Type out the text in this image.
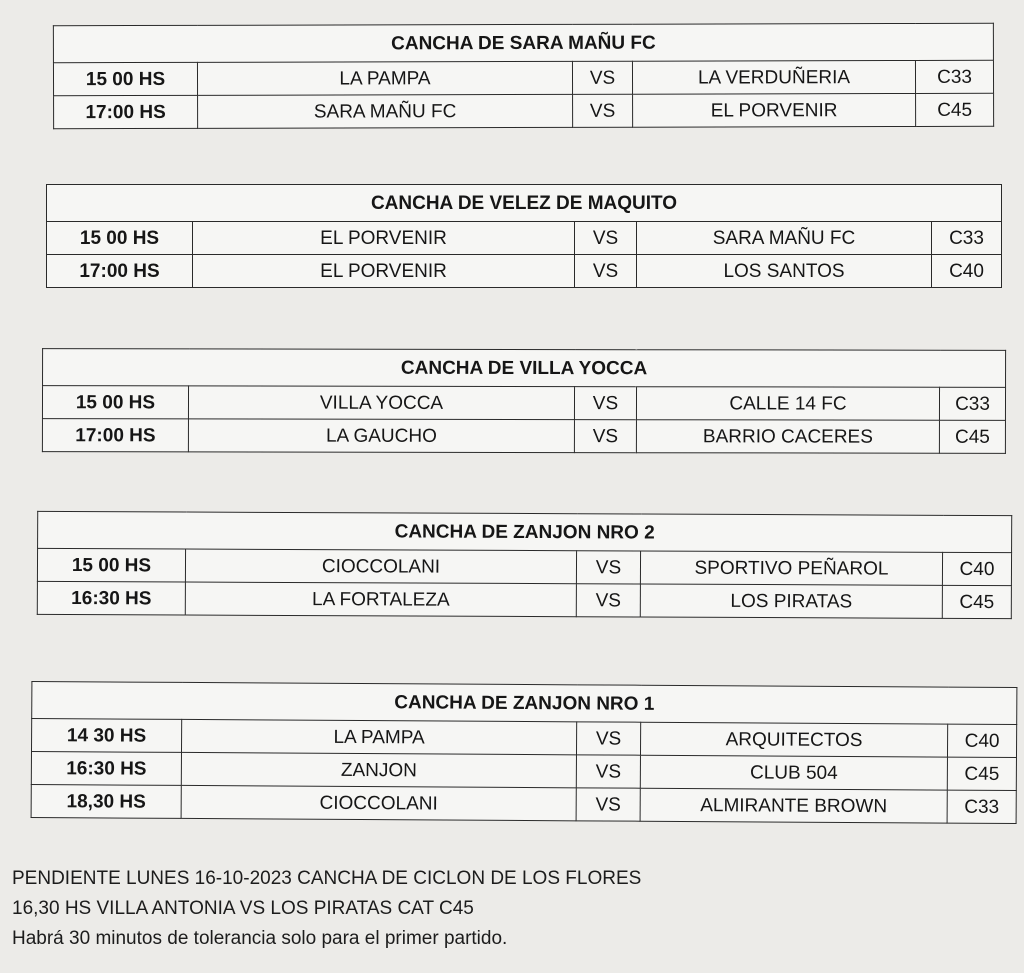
CANCHA DE SARA MAÑU FC				
15 00 HS	LA PAMPA	VS	LA VERDUÑERIA	C33
17:00 HS	SARA MAÑU FC	VS	EL PORVENIR	C45
CANCHA DE VELEZ DE MAQUITO				
15 00 HS	EL PORVENIR	VS	SARA MAÑU FC	C33
17:00 HS	EL PORVENIR	VS	LOS SANTOS	C40
CANCHA DE VILLA YOCCA				
15 00 HS	VILLA YOCCA	VS	CALLE 14 FC	C33
17:00 HS	LA GAUCHO	VS	BARRIO CACERES	C45
CANCHA DE ZANJON NRO 2				
15 00 HS	CIOCCOLANI	VS	SPORTIVO PEÑAROL	C40
16:30 HS	LA FORTALEZA	VS	LOS PIRATAS	C45
CANCHA DE ZANJON NRO 1				
14 30 HS	LA PAMPA	VS	ARQUITECTOS	C40
16:30 HS	ZANJON	VS	CLUB 504	C45
18,30 HS	CIOCCOLANI	VS	ALMIRANTE BROWN	C33
PENDIENTE LUNES 16-10-2023 CANCHA DE CICLON DE LOS FLORES
16,30 HS VILLA ANTONIA VS LOS PIRATAS CAT C45
Habrá 30 minutos de tolerancia solo para el primer partido.
